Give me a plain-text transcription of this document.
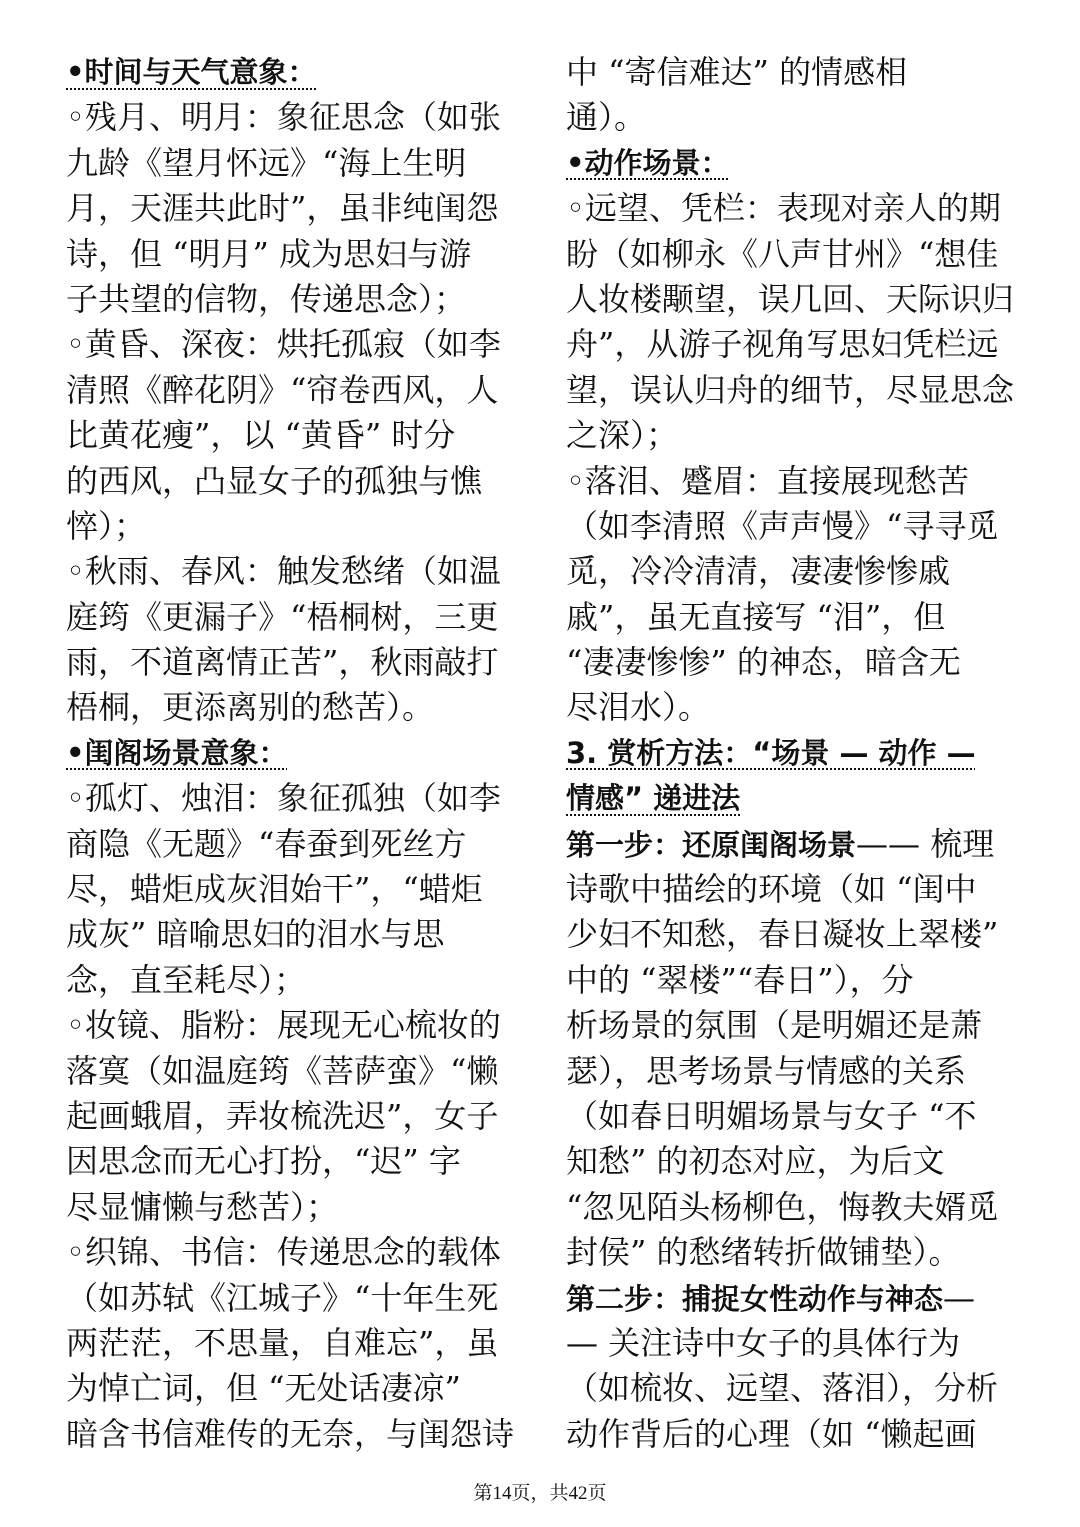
•时间与天气意象：
◦残月、明月：象征思念（如张
九龄《望月怀远》“海上生明
月，天涯共此时”，虽非纯闺怨
诗，但 “明月” 成为思妇与游
子共望的信物，传递思念）；
◦黄昏、深夜：烘托孤寂（如李
清照《醉花阴》“帘卷西风，人
比黄花瘦”，以 “黄昏” 时分
的西风，凸显女子的孤独与憔
悴）；
◦秋雨、春风：触发愁绪（如温
庭筠《更漏子》“梧桐树，三更
雨，不道离情正苦”，秋雨敲打
梧桐，更添离别的愁苦）。
•闺阁场景意象：
◦孤灯、烛泪：象征孤独（如李
商隐《无题》“春蚕到死丝方
尽，蜡炬成灰泪始干”，“蜡炬
成灰” 暗喻思妇的泪水与思
念，直至耗尽）；
◦妆镜、脂粉：展现无心梳妆的
落寞（如温庭筠《菩萨蛮》“懒
起画蛾眉，弄妆梳洗迟”，女子
因思念而无心打扮，“迟” 字
尽显慵懒与愁苦）；
◦织锦、书信：传递思念的载体
（如苏轼《江城子》“十年生死
两茫茫，不思量，自难忘”，虽
为悼亡词，但 “无处话凄凉”
暗含书信难传的无奈，与闺怨诗
中 “寄信难达” 的情感相
通）。
•动作场景：
◦远望、凭栏：表现对亲人的期
盼（如柳永《八声甘州》“想佳
人妆楼颙望，误几回、天际识归
舟”，从游子视角写思妇凭栏远
望，误认归舟的细节，尽显思念
之深）；
◦落泪、蹙眉：直接展现愁苦
（如李清照《声声慢》“寻寻觅
觅，冷冷清清，凄凄惨惨戚
戚”，虽无直接写 “泪”，但
“凄凄惨惨” 的神态，暗含无
尽泪水）。
3. 赏析方法：“场景 — 动作 —
情感” 递进法
第一步：还原闺阁场景—— 梳理
诗歌中描绘的环境（如 “闺中
少妇不知愁，春日凝妆上翠楼”
中的 “翠楼”“春日”），分
析场景的氛围（是明媚还是萧
瑟），思考场景与情感的关系
（如春日明媚场景与女子 “不
知愁” 的初态对应，为后文
“忽见陌头杨柳色，悔教夫婿觅
封侯” 的愁绪转折做铺垫）。
第二步：捕捉女性动作与神态—
— 关注诗中女子的具体行为
（如梳妆、远望、落泪），分析
动作背后的心理（如 “懒起画
第14页，共42页
